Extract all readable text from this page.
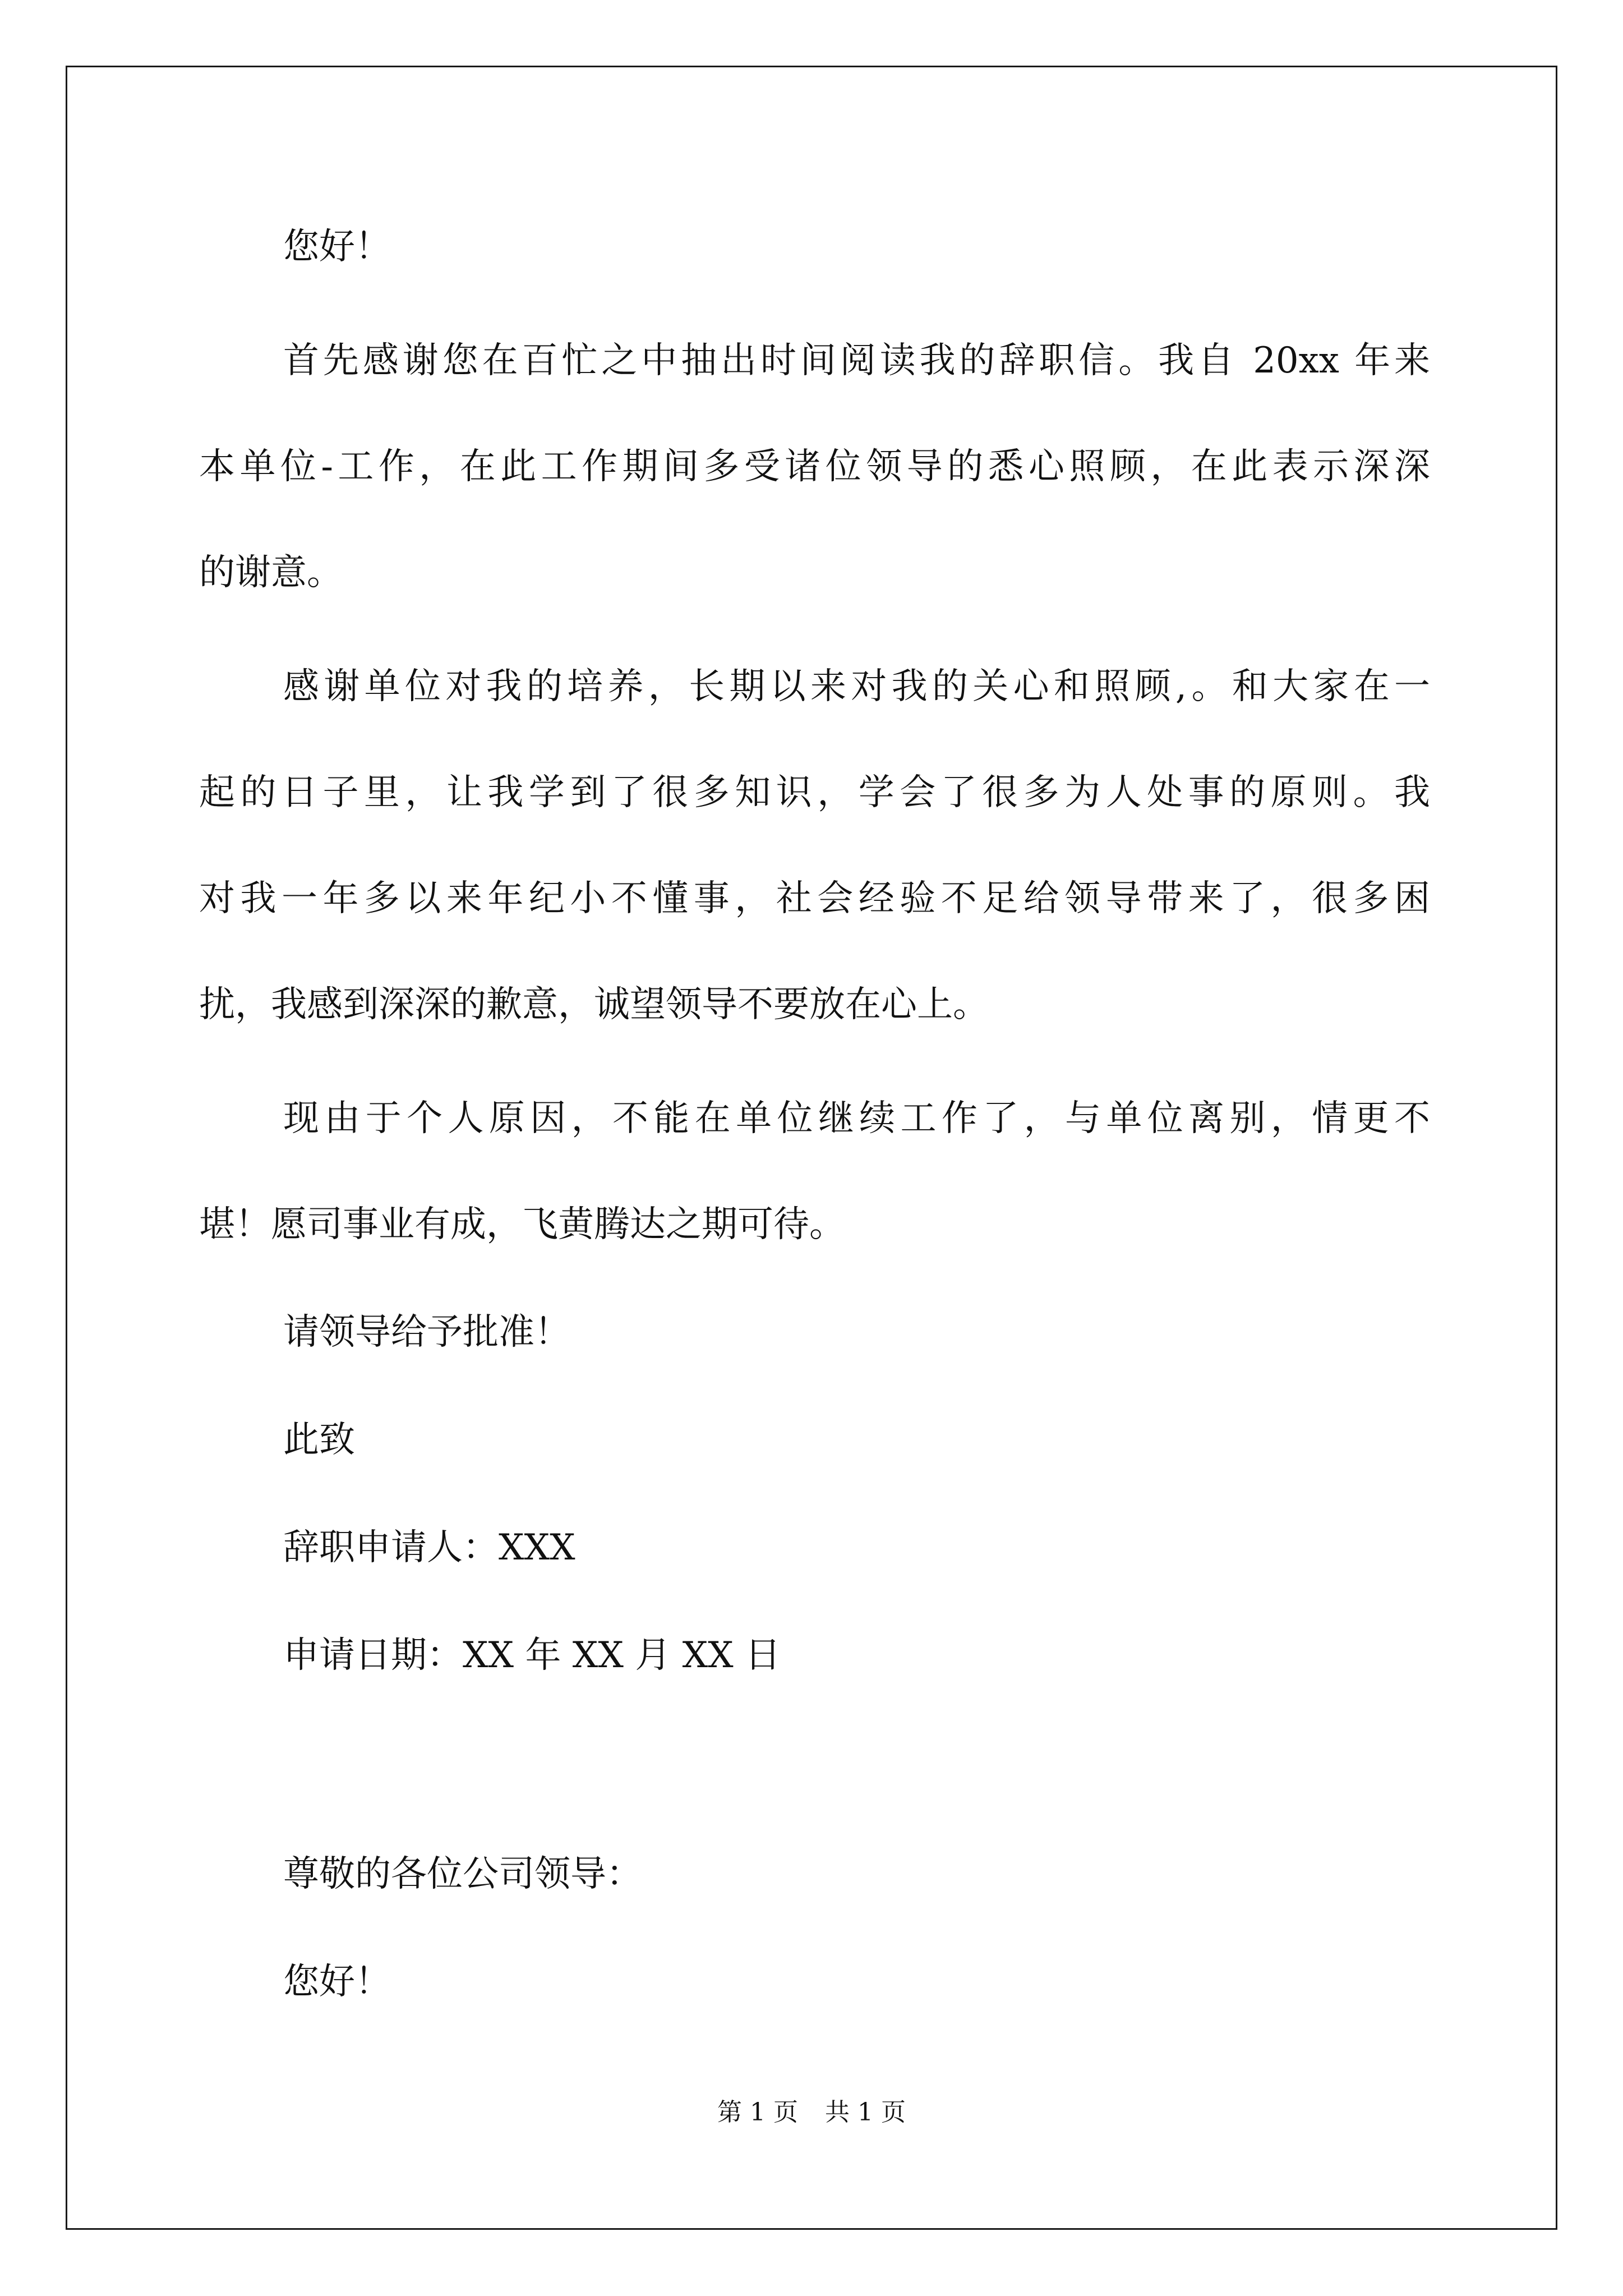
您好！
首先感谢您在百忙之中抽出时间阅读我的辞职信。我自 20xx 年来
本单位-工作，在此工作期间多受诸位领导的悉心照顾，在此表示深深
的谢意。
感谢单位对我的培养，长期以来对我的关心和照顾,。和大家在一
起的日子里，让我学到了很多知识，学会了很多为人处事的原则。我
对我一年多以来年纪小不懂事，社会经验不足给领导带来了，很多困
扰，我感到深深的歉意，诚望领导不要放在心上。
现由于个人原因，不能在单位继续工作了，与单位离别，情更不
堪！愿司事业有成，飞黄腾达之期可待。
请领导给予批准！
此致
辞职申请人：XXX
申请日期：XX 年 XX 月 XX 日
尊敬的各位公司领导：
您好！
第 1 页 共 1 页
